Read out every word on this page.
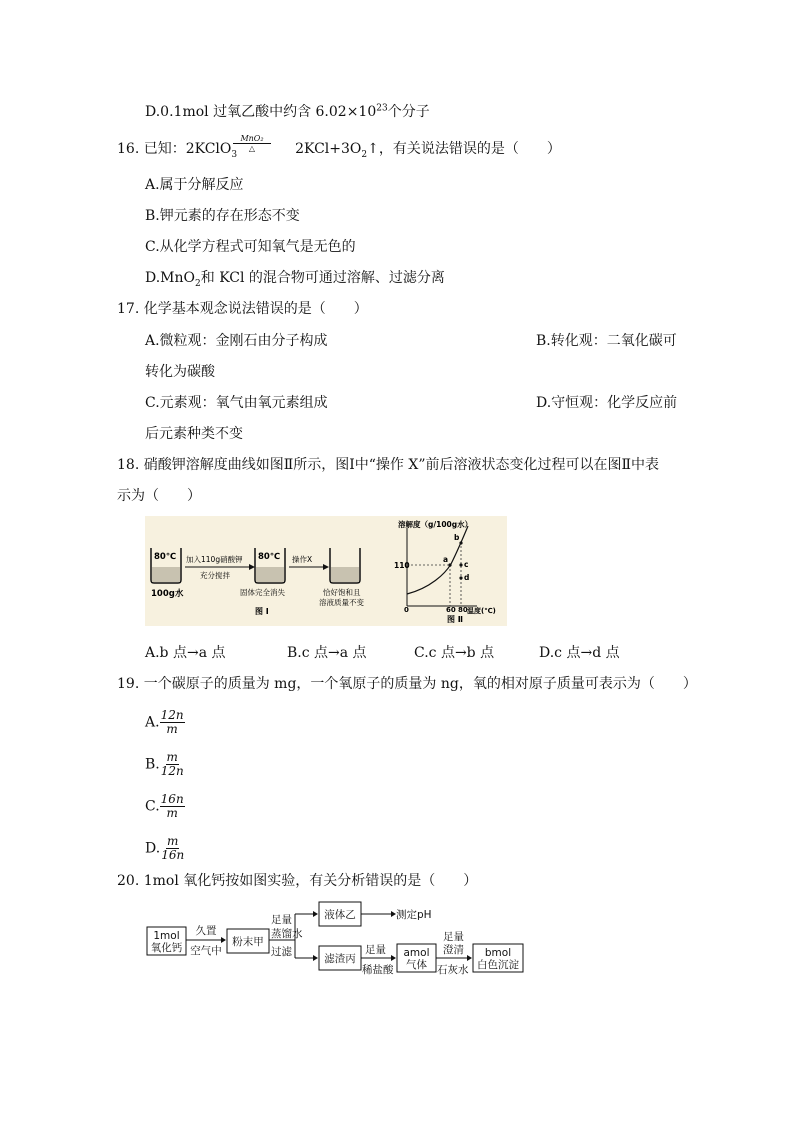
D.0.1mol 过氧乙酸中约含 $6.02\times 10^{23}$个分子
16. 已知：2KClO$_3$	$2KCl+3O_2↑$，有关说法错误的是（　　）
MnO₂
△
A.属于分解反应
B.钾元素的存在形态不变
C.从化学方程式可知氧气是无色的
D.MnO$_2$和 KCl 的混合物可通过溶解、过滤分离
17. 化学基本观念说法错误的是（　　）
A.微粒观：金刚石由分子构成	B.转化观：二氧化碳可
转化为碳酸
C.元素观：氧气由氧元素组成	D.守恒观：化学反应前
后元素种类不变
18. 硝酸钾溶解度曲线如图Ⅱ所示，图Ⅰ中“操作 X”前后溶液状态变化过程可以在图Ⅱ中表
示为（　　）
80℃
100g水
加入110g硝酸钾
充分搅拌
80℃
固体完全消失
操作X
恰好饱和且
溶液质量不变
图 Ⅰ
溶解度（g/100g水）
温度(℃)
110
0	60 80
a
b
c
d
图 Ⅱ
A.b 点→a 点	B.c 点→a 点	C.c 点→b 点	D.c 点→d 点
19. 一个碳原子的质量为 mg，一个氧原子的质量为 ng，氧的相对原子质量可表示为（　　）
A. $\frac{12n}{m}$
B. $\frac{m}{12n}$
C. $\frac{16n}{m}$
D. $\frac{m}{16n}$
20. 1mol 氧化钙按如图实验，有关分析错误的是（　　）
1mol
氧化钙
久置
空气中
粉末甲
足量
蒸馏水
过滤
液体乙	测定pH
滤渣丙
足量
稀盐酸
amol
气体
足量
澄清
石灰水
bmol
白色沉淀
